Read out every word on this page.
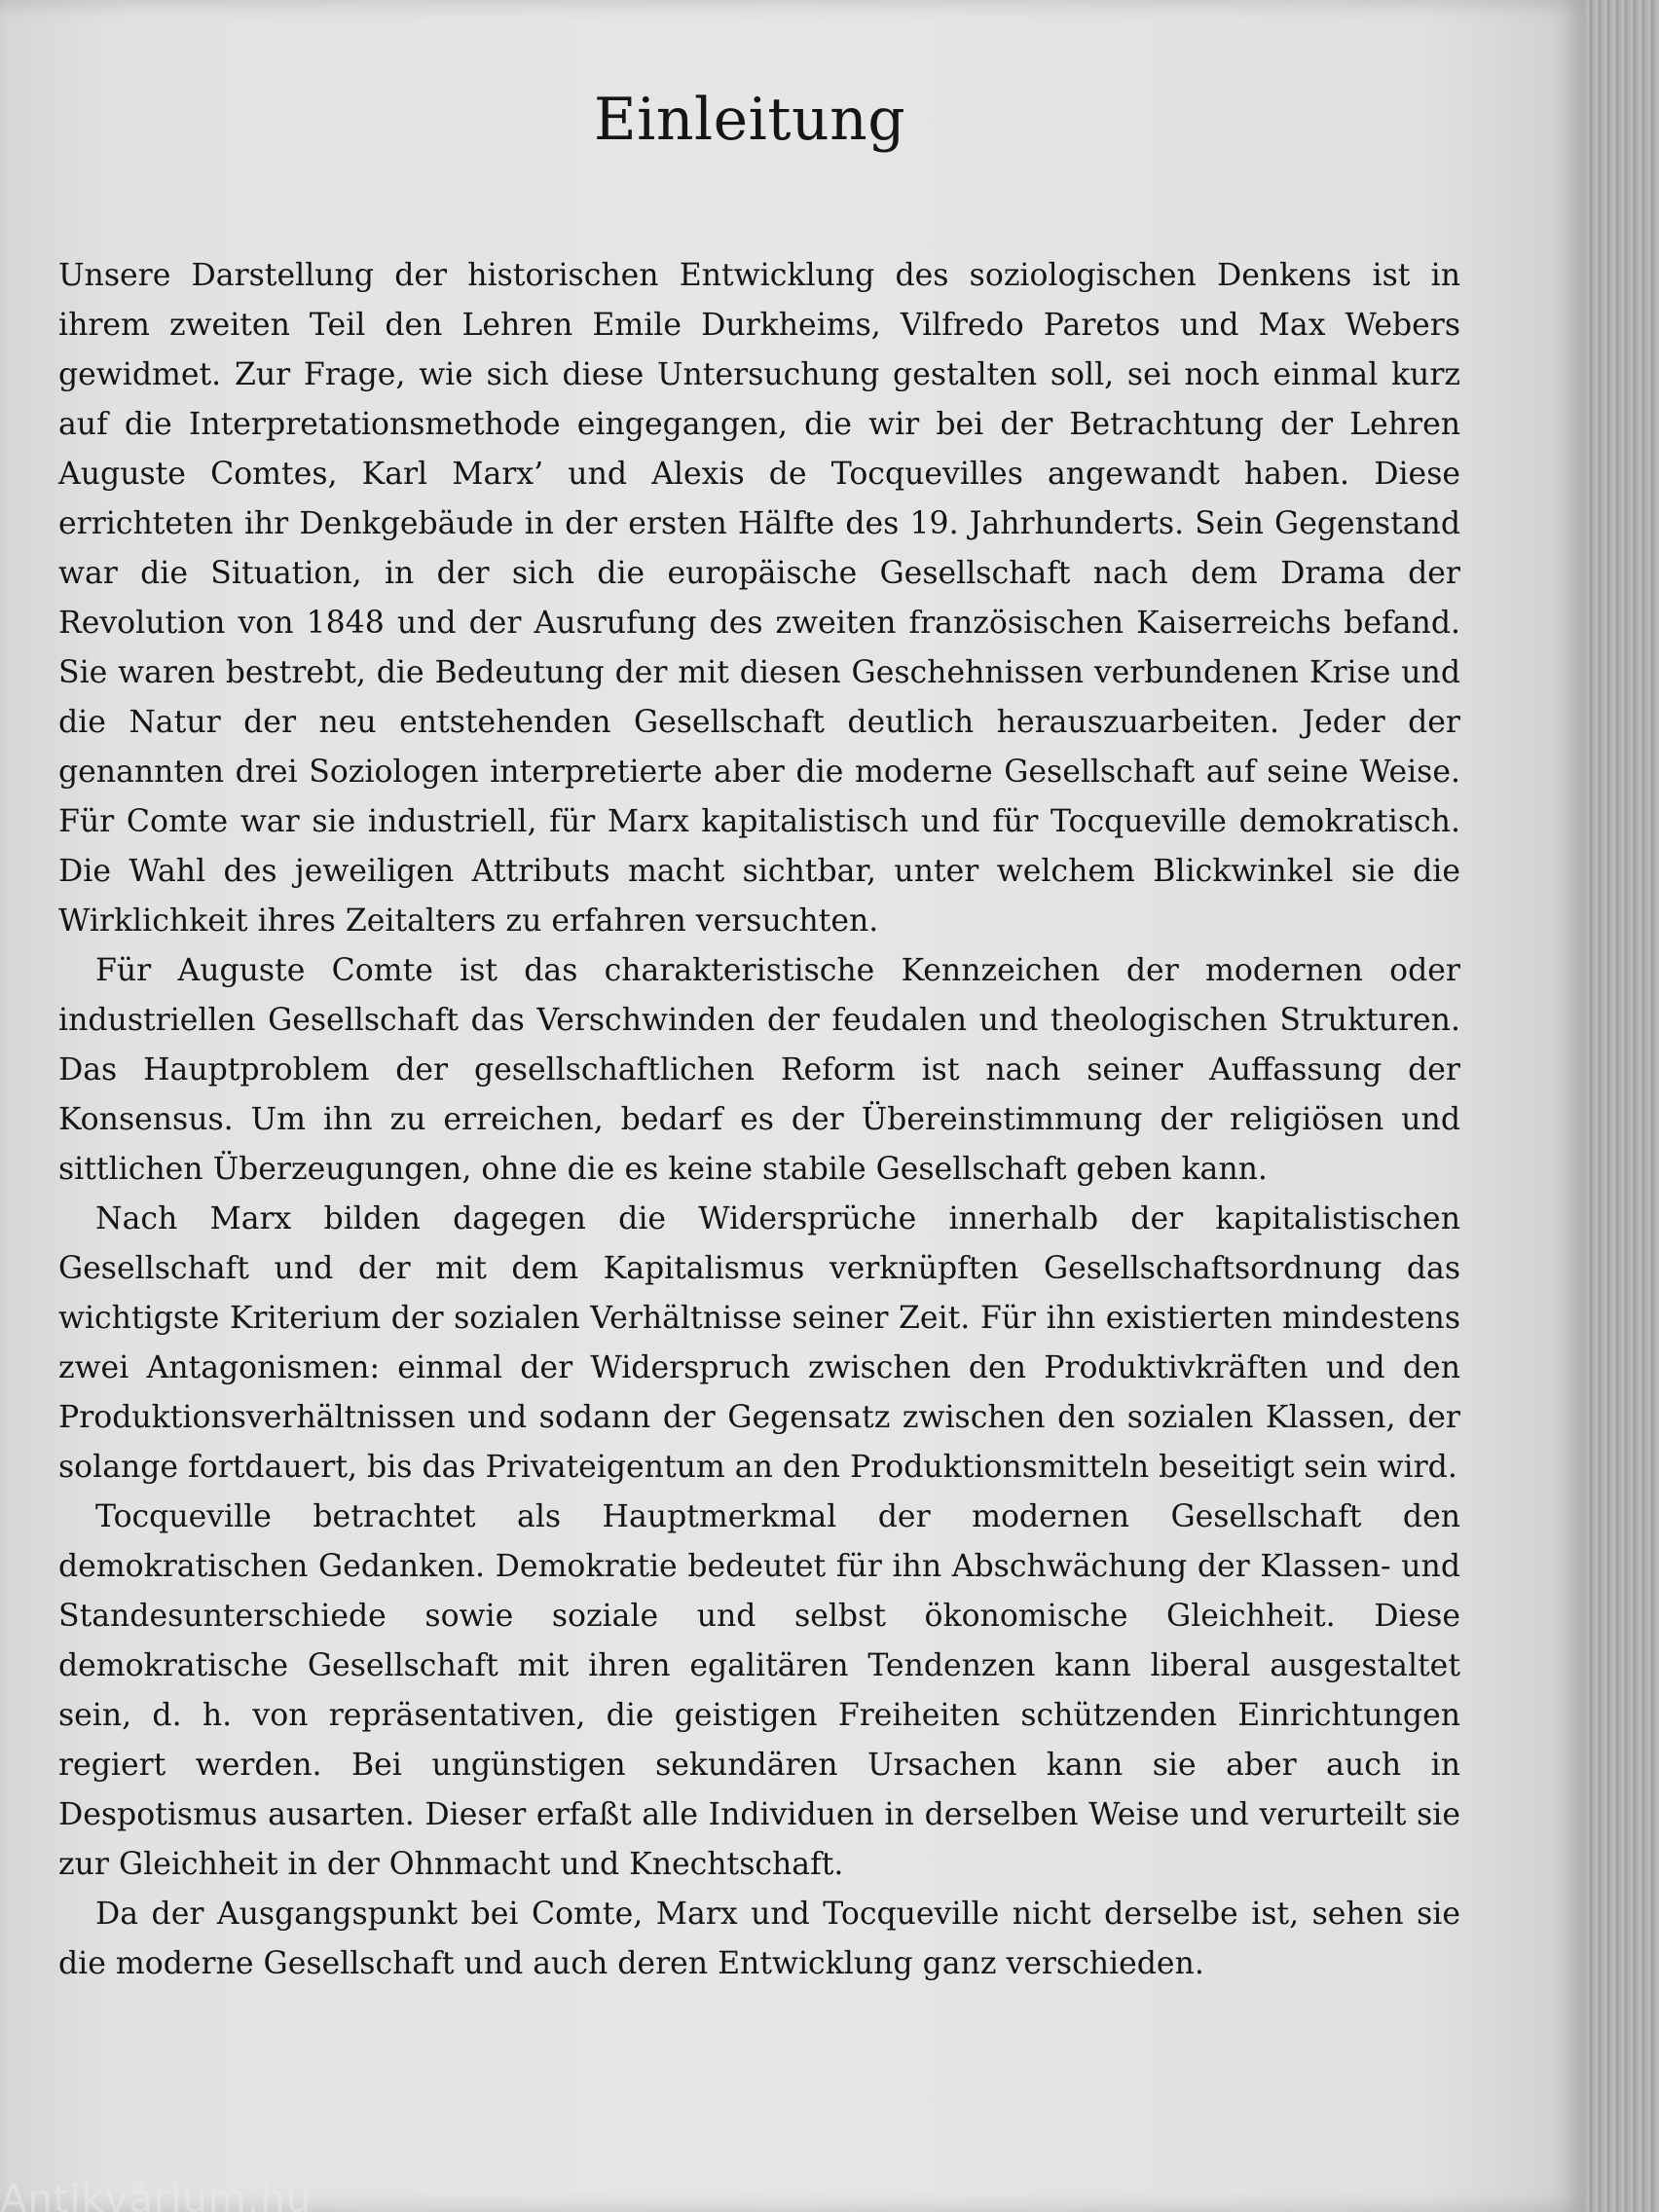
Einleitung

Unsere Darstellung der historischen Entwicklung des soziologischen Denkens ist in ihrem zweiten Teil den Lehren Emile Durkheims, Vilfredo Paretos und Max Webers gewidmet. Zur Frage, wie sich diese Untersuchung gestalten soll, sei noch einmal kurz auf die Interpretationsmethode eingegangen, die wir bei der Betrachtung der Lehren Auguste Comtes, Karl Marx’ und Alexis de Tocquevilles angewandt haben. Diese errichteten ihr Denkgebäude in der ersten Hälfte des 19. Jahrhunderts. Sein Gegenstand war die Situation, in der sich die europäische Gesellschaft nach dem Drama der Revolution von 1848 und der Ausrufung des zweiten französischen Kaiserreichs befand. Sie waren bestrebt, die Bedeutung der mit diesen Geschehnissen verbundenen Krise und die Natur der neu entstehenden Gesellschaft deutlich herauszuarbeiten. Jeder der genannten drei Soziologen interpretierte aber die moderne Gesellschaft auf seine Weise. Für Comte war sie industriell, für Marx kapitalistisch und für Tocqueville demokratisch. Die Wahl des jeweiligen Attributs macht sichtbar, unter welchem Blickwinkel sie die Wirklichkeit ihres Zeitalters zu erfahren versuchten.

Für Auguste Comte ist das charakteristische Kennzeichen der modernen oder industriellen Gesellschaft das Verschwinden der feudalen und theologischen Strukturen. Das Hauptproblem der gesellschaftlichen Reform ist nach seiner Auffassung der Konsensus. Um ihn zu erreichen, bedarf es der Übereinstimmung der religiösen und sittlichen Überzeugungen, ohne die es keine stabile Gesellschaft geben kann.

Nach Marx bilden dagegen die Widersprüche innerhalb der kapitalistischen Gesellschaft und der mit dem Kapitalismus verknüpften Gesellschaftsordnung das wichtigste Kriterium der sozialen Verhältnisse seiner Zeit. Für ihn existierten mindestens zwei Antagonismen: einmal der Widerspruch zwischen den Produktivkräften und den Produktionsverhältnissen und sodann der Gegensatz zwischen den sozialen Klassen, der solange fortdauert, bis das Privateigentum an den Produktionsmitteln beseitigt sein wird.

Tocqueville betrachtet als Hauptmerkmal der modernen Gesellschaft den demokratischen Gedanken. Demokratie bedeutet für ihn Abschwächung der Klassen- und Standesunterschiede sowie soziale und selbst ökonomische Gleichheit. Diese demokratische Gesellschaft mit ihren egalitären Tendenzen kann liberal ausgestaltet sein, d. h. von repräsentativen, die geistigen Freiheiten schützenden Einrichtungen regiert werden. Bei ungünstigen sekundären Ursachen kann sie aber auch in Despotismus ausarten. Dieser erfaßt alle Individuen in derselben Weise und verurteilt sie zur Gleichheit in der Ohnmacht und Knechtschaft.

Da der Ausgangspunkt bei Comte, Marx und Tocqueville nicht derselbe ist, sehen sie die moderne Gesellschaft und auch deren Entwicklung ganz verschieden.

Antikvárium.hu
